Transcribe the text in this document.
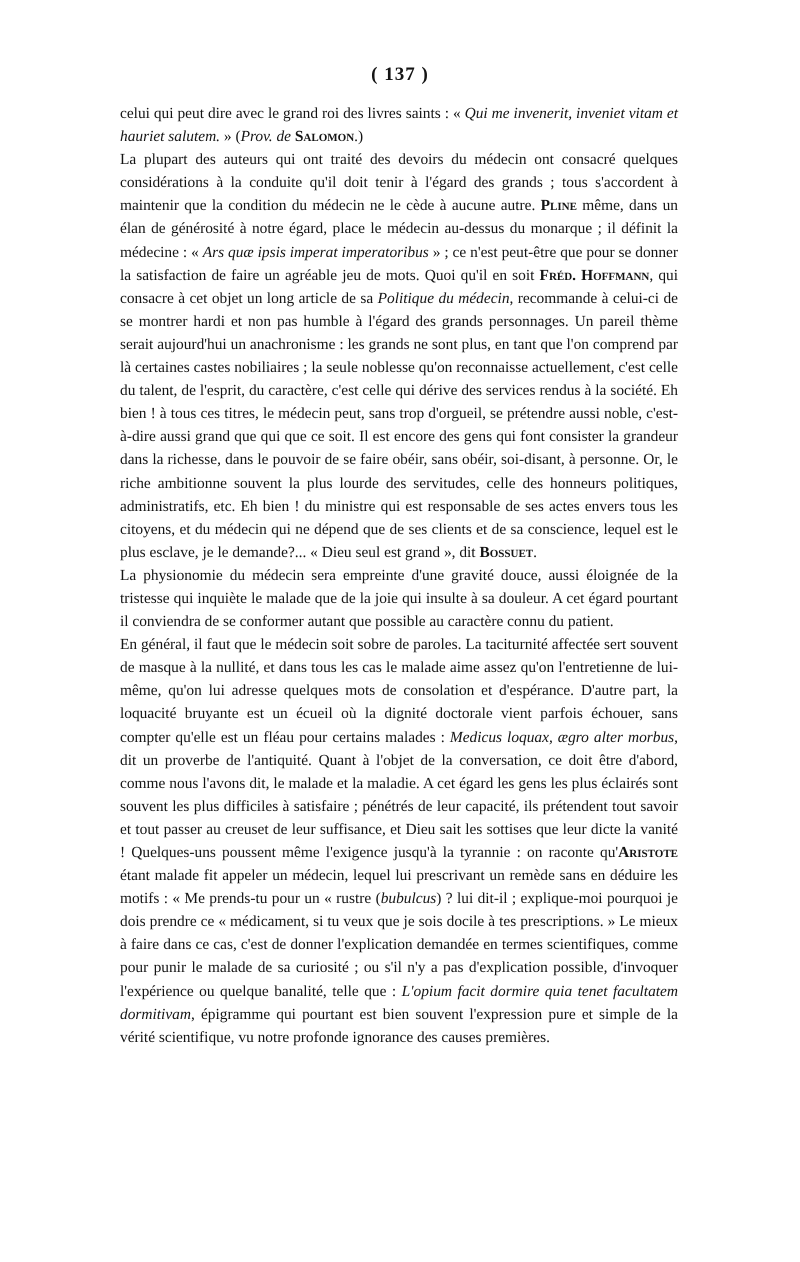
( 137 )

celui qui peut dire avec le grand roi des livres saints : « Qui me invenerit, inveniet vitam et hauriet salutem. » (Prov. de Salomon.)

La plupart des auteurs qui ont traité des devoirs du médecin ont consacré quelques considérations à la conduite qu'il doit tenir à l'égard des grands ; tous s'accordent à maintenir que la condition du médecin ne le cède à aucune autre. Pline même, dans un élan de générosité à notre égard, place le médecin au-dessus du monarque ; il définit la médecine : « Ars quæ ipsis imperat imperatoribus » ; ce n'est peut-être que pour se donner la satisfaction de faire un agréable jeu de mots. Quoi qu'il en soit Fréd. Hoffmann, qui consacre à cet objet un long article de sa Politique du médecin, recommande à celui-ci de se montrer hardi et non pas humble à l'égard des grands personnages. Un pareil thème serait aujourd'hui un anachronisme : les grands ne sont plus, en tant que l'on comprend par là certaines castes nobiliaires ; la seule noblesse qu'on reconnaisse actuellement, c'est celle du talent, de l'esprit, du caractère, c'est celle qui dérive des services rendus à la société. Eh bien ! à tous ces titres, le médecin peut, sans trop d'orgueil, se prétendre aussi noble, c'est-à-dire aussi grand que qui que ce soit. Il est encore des gens qui font consister la grandeur dans la richesse, dans le pouvoir de se faire obéir, sans obéir, soi-disant, à personne. Or, le riche ambitionne souvent la plus lourde des servitudes, celle des honneurs politiques, administratifs, etc. Eh bien ! du ministre qui est responsable de ses actes envers tous les citoyens, et du médecin qui ne dépend que de ses clients et de sa conscience, lequel est le plus esclave, je le demande?... « Dieu seul est grand », dit Bossuet.

La physionomie du médecin sera empreinte d'une gravité douce, aussi éloignée de la tristesse qui inquiète le malade que de la joie qui insulte à sa douleur. A cet égard pourtant il conviendra de se conformer autant que possible au caractère connu du patient.

En général, il faut que le médecin soit sobre de paroles. La taciturnité affectée sert souvent de masque à la nullité, et dans tous les cas le malade aime assez qu'on l'entretienne de lui-même, qu'on lui adresse quelques mots de consolation et d'espérance. D'autre part, la loquacité bruyante est un écueil où la dignité doctorale vient parfois échouer, sans compter qu'elle est un fléau pour certains malades : Medicus loquax, ægro alter morbus, dit un proverbe de l'antiquité. Quant à l'objet de la conversation, ce doit être d'abord, comme nous l'avons dit, le malade et la maladie. A cet égard les gens les plus éclairés sont souvent les plus difficiles à satisfaire ; pénétrés de leur capacité, ils prétendent tout savoir et tout passer au creuset de leur suffisance, et Dieu sait les sottises que leur dicte la vanité ! Quelques-uns poussent même l'exigence jusqu'à la tyrannie : on raconte qu'Aristote étant malade fit appeler un médecin, lequel lui prescrivant un remède sans en déduire les motifs : « Me prends-tu pour un « rustre (bubulcus) ? lui dit-il ; explique-moi pourquoi je dois prendre ce « médicament, si tu veux que je sois docile à tes prescriptions. » Le mieux à faire dans ce cas, c'est de donner l'explication demandée en termes scientifiques, comme pour punir le malade de sa curiosité ; ou s'il n'y a pas d'explication possible, d'invoquer l'expérience ou quelque banalité, telle que : L'opium facit dormire quia tenet facultatem dormitivam, épigramme qui pourtant est bien souvent l'expression pure et simple de la vérité scientifique, vu notre profonde ignorance des causes premières.
